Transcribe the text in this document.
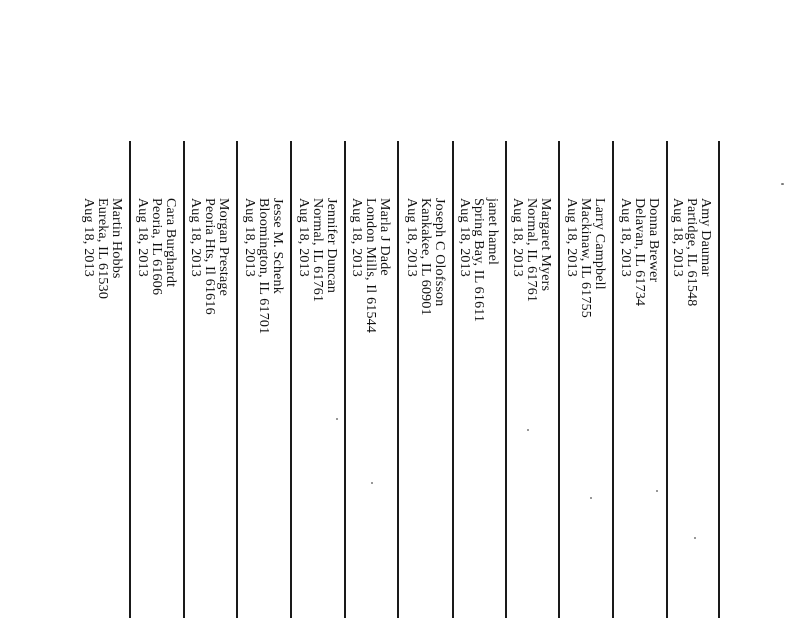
Amy Daumar
Partidge, IL 61548
Aug 18, 2013
Donna Brewer
Delavan, IL 61734
Aug 18, 2013
Larry Campbell
Mackinaw, IL 61755
Aug 18, 2013
Margaret Myers
Normal, IL 61761
Aug 18, 2013
janet hamel
Spring Bay, IL 61611
Aug 18, 2013
Joseph C Olofsson
Kankakee, IL 60901
Aug 18, 2013
Marla J Dade
London Mills, Il 61544
Aug 18, 2013
Jennifer Duncan
Normal, IL 61761
Aug 18, 2013
Jesse M. Schenk
Bloomington, IL 61701
Aug 18, 2013
Morgan Prestage
Peoria Hts, Il 61616
Aug 18, 2013
Cara Burghardt
Peoria, IL 61606
Aug 18, 2013
Martin Hobbs
Eureka, IL 61530
Aug 18, 2013
